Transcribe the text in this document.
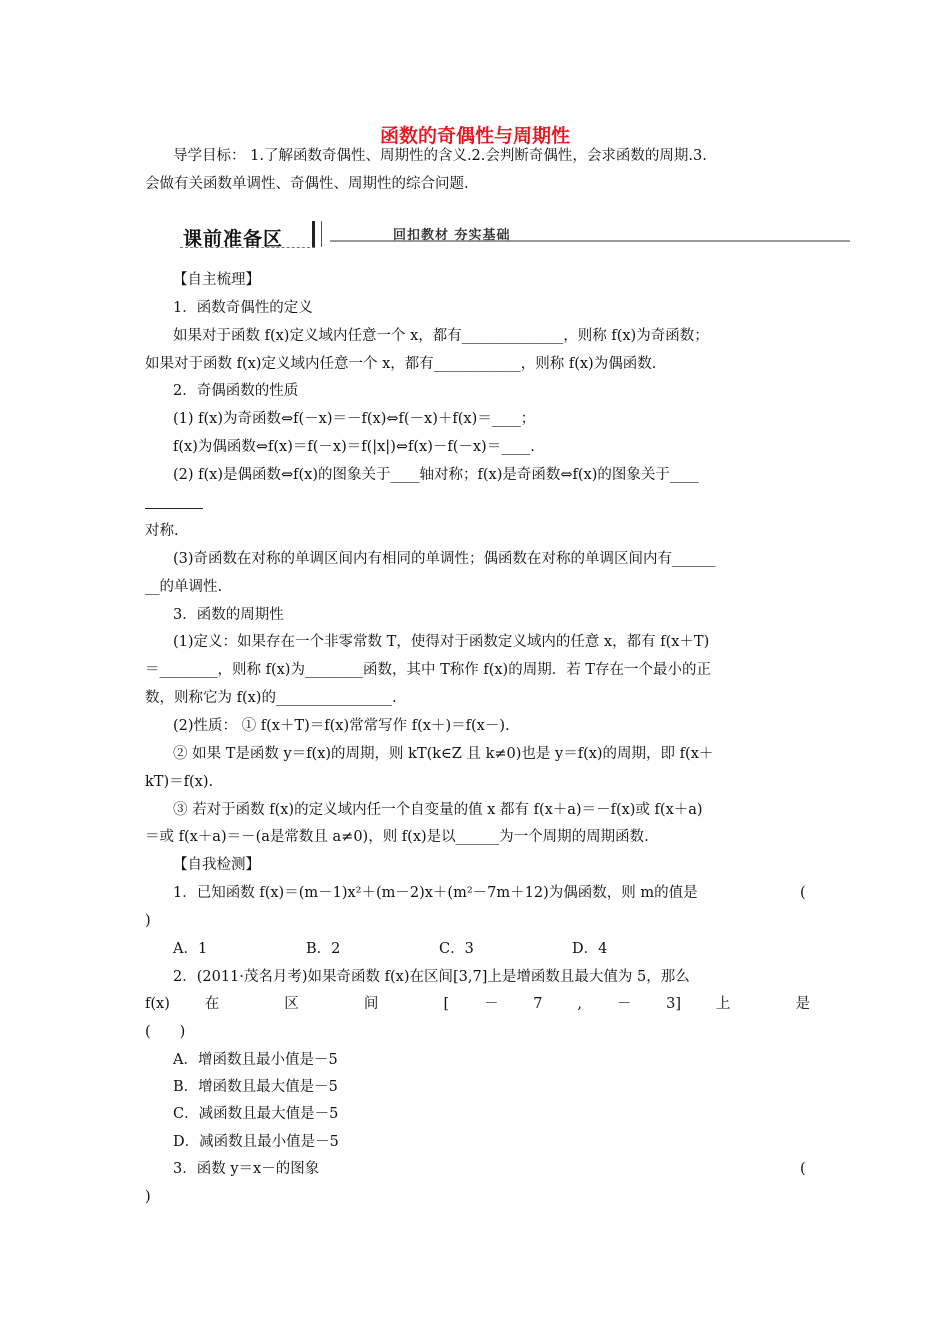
函数的奇偶性与周期性
导学目标： 1.了解函数奇偶性、周期性的含义.2.会判断奇偶性，会求函数的周期.3.
会做有关函数单调性、奇偶性、周期性的综合问题.
课前准备区	回扣教材 夯实基础
【自主梳理】
1．函数奇偶性的定义
如果对于函数 f(x)定义域内任意一个 x，都有______________，则称 f(x)为奇函数；
如果对于函数 f(x)定义域内任意一个 x，都有____________，则称 f(x)为偶函数.
2．奇偶函数的性质
(1) f(x)为奇函数⇔f(－x)＝－f(x)⇔f(－x)＋f(x)＝____；
f(x)为偶函数⇔f(x)＝f(－x)＝f(|x|)⇔f(x)－f(－x)＝____.
(2) f(x)是偶函数⇔f(x)的图象关于____轴对称；f(x)是奇函数⇔f(x)的图象关于____
对称.
(3)奇函数在对称的单调区间内有相同的单调性；偶函数在对称的单调区间内有______
__的单调性.
3．函数的周期性
(1)定义：如果存在一个非零常数 T，使得对于函数定义域内的任意 x，都有 f(x＋T)
＝________，则称 f(x)为________函数，其中 T称作 f(x)的周期．若 T存在一个最小的正
数，则称它为 f(x)的________________.
(2)性质： ① f(x＋T)＝f(x)常常写作 f(x＋)＝f(x－).
② 如果 T是函数 y＝f(x)的周期，则 kT(k∈Z 且 k≠0)也是 y＝f(x)的周期，即 f(x＋
kT)＝f(x).
③ 若对于函数 f(x)的定义域内任一个自变量的值 x 都有 f(x＋a)＝－f(x)或 f(x＋a)
＝或 f(x＋a)＝－(a是常数且 a≠0)，则 f(x)是以______为一个周期的周期函数.
【自我检测】
1．已知函数 f(x)＝(m－1)x²＋(m－2)x＋(m²－7m＋12)为偶函数，则 m的值是	(
)
A．1	B．2	C．3	D．4
2．(2011·茂名月考)如果奇函数 f(x)在区间[3,7]上是增函数且最大值为 5，那么
f(x) 在 区 间 [ － 7 , － 3] 上 是
(　　)
A．增函数且最小值是－5
B．增函数且最大值是－5
C．减函数且最大值是－5
D．减函数且最小值是－5
3．函数 y＝x－的图象	(
)
